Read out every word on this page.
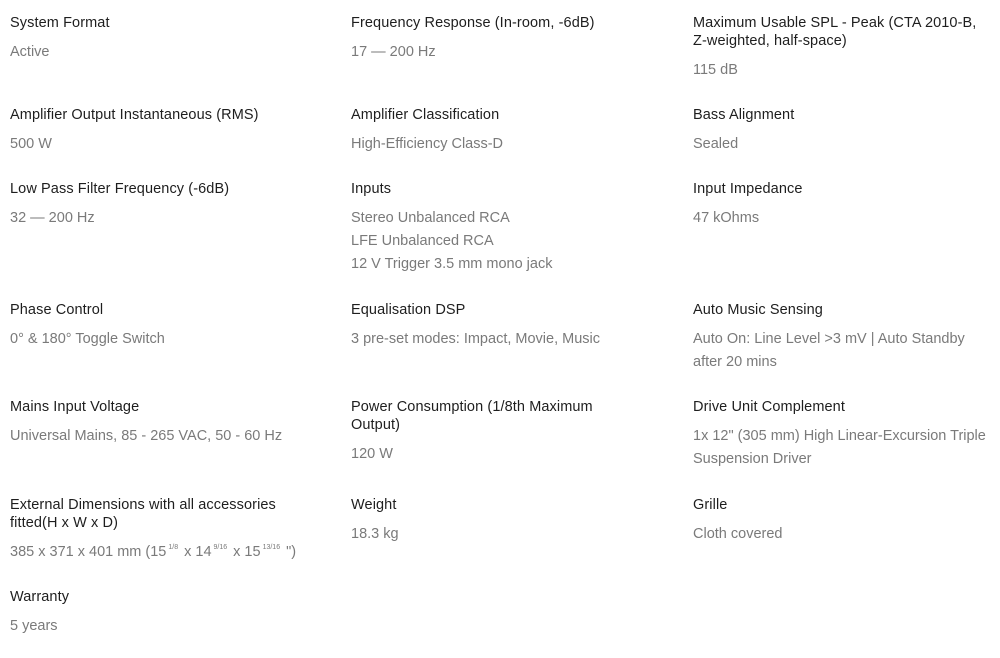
System Format
Active
Frequency Response (In-room, -6dB)
17 — 200 Hz
Maximum Usable SPL - Peak (CTA 2010-B, Z-weighted, half-space)
115 dB
Amplifier Output Instantaneous (RMS)
500 W
Amplifier Classification
High-Efficiency Class-D
Bass Alignment
Sealed
Low Pass Filter Frequency (-6dB)
32 — 200 Hz
Inputs
Stereo Unbalanced RCA
LFE Unbalanced RCA
12 V Trigger 3.5 mm mono jack
Input Impedance
47 kOhms
Phase Control
0° & 180° Toggle Switch
Equalisation DSP
3 pre-set modes: Impact, Movie, Music
Auto Music Sensing
Auto On: Line Level >3 mV | Auto Standby after 20 mins
Mains Input Voltage
Universal Mains, 85 - 265 VAC, 50 - 60 Hz
Power Consumption (1/8th Maximum Output)
120 W
Drive Unit Complement
1x 12" (305 mm) High Linear-Excursion Triple Suspension Driver
External Dimensions with all accessories fitted(H x W x D)
385 x 371 x 401 mm (15 $^{1/8}$ x 14 $^{9/16}$ x 15 $^{13/16}$ ")
Weight
18.3 kg
Grille
Cloth covered
Warranty
5 years
